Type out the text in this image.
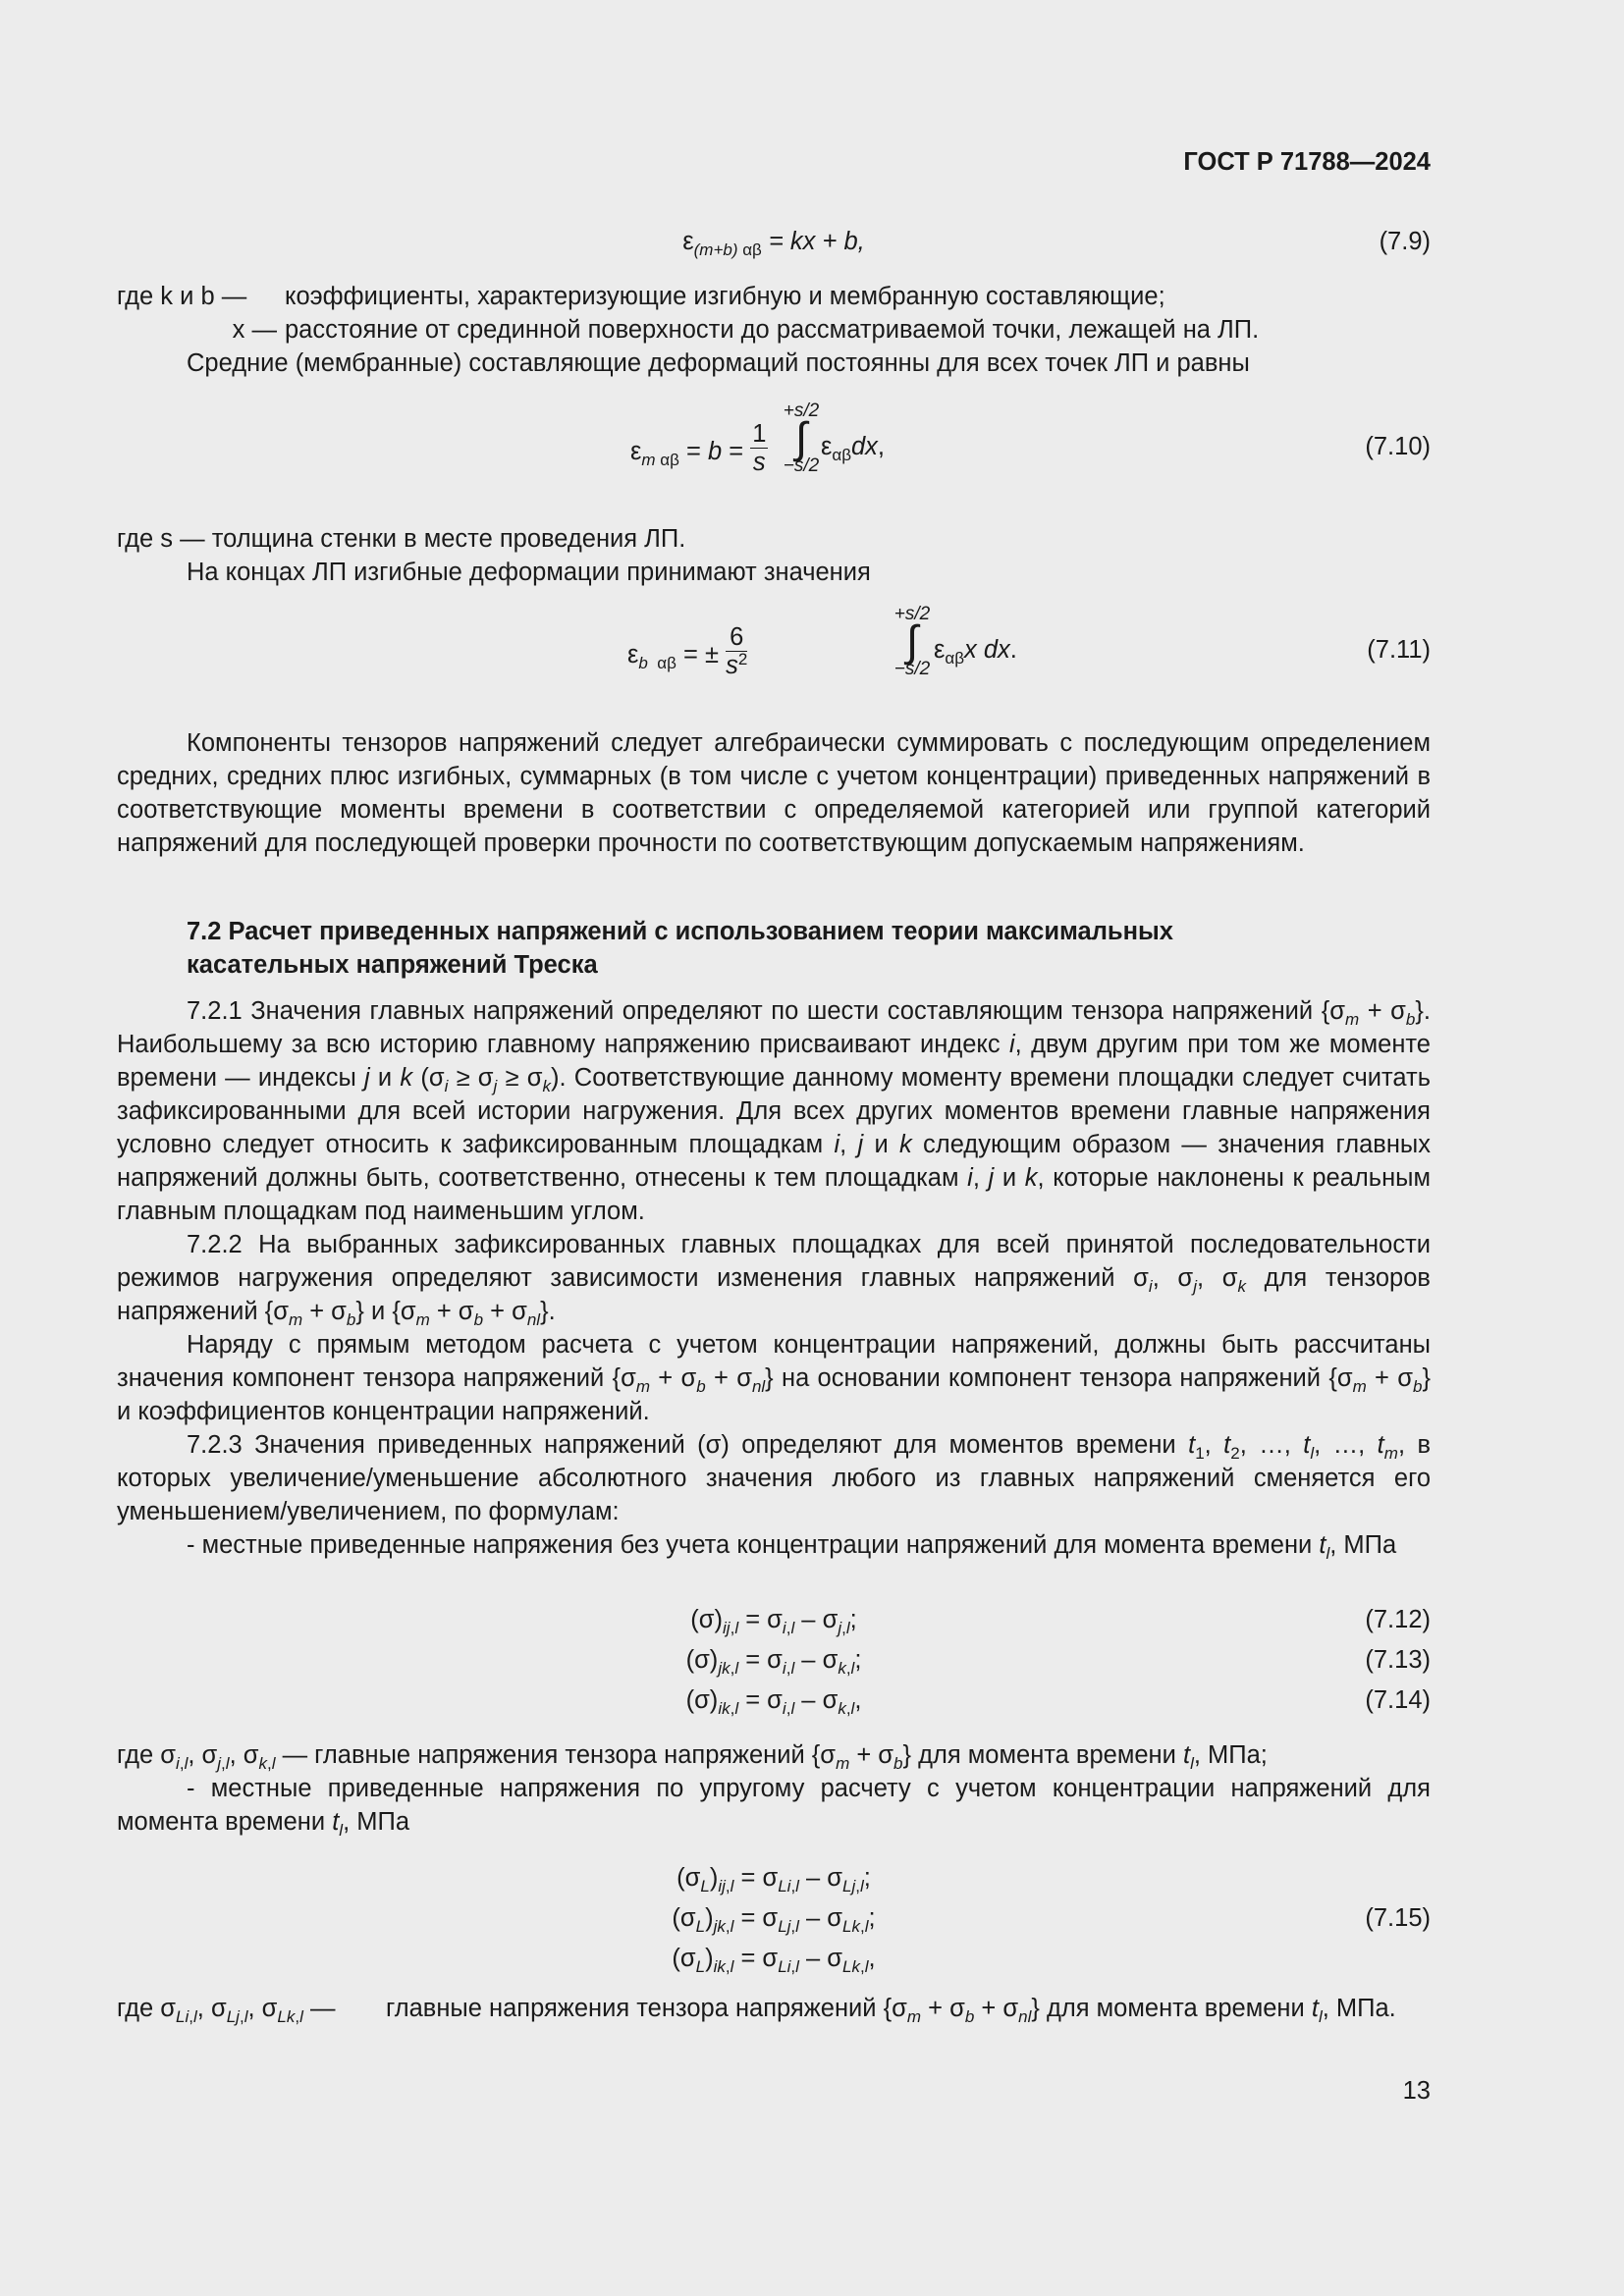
ГОСТ Р 71788—2024
$\varepsilon_{(m+b) \alpha\beta}$ = kx + b,	(7.9)
где k и b —	коэффициенты, характеризующие изгибную и мембранную составляющие;
x — расстояние от срединной поверхности до рассматриваемой точки, лежащей на ЛП.
Средние (мембранные) составляющие деформаций постоянны для всех точек ЛП и равны
$\varepsilon_{m \alpha\beta} = b = \frac{1}{s}$
+s/2
∫
−s/2
$\varepsilon_{\alpha\beta}dx$,	(7.10)
где s — толщина стенки в месте проведения ЛП.
На концах ЛП изгибные деформации принимают значения
$\varepsilon_{b \alpha\beta}$ = ± $\frac{6}{s^2}$
+s/2
∫
−s/2
$\varepsilon_{\alpha\beta}x$ dx.	(7.11)
Компоненты тензоров напряжений следует алгебраически суммировать с последующим определением средних, средних плюс изгибных, суммарных (в том числе с учетом концентрации) приведенных напряжений в соответствующие моменты времени в соответствии с определяемой категорией или группой категорий напряжений для последующей проверки прочности по соответствующим допускаемым напряжениям.
7.2 Расчет приведенных напряжений с использованием теории максимальных
касательных напряжений Треска
7.2.1 Значения главных напряжений определяют по шести составляющим тензора напряжений $\{\sigma_m + \sigma_b\}$. Наибольшему за всю историю главному напряжению присваивают индекс i, двум другим при том же моменте времени — индексы j и k $(\sigma_i \ge \sigma_j \ge \sigma_k)$. Соответствующие данному моменту времени площадки следует считать зафиксированными для всей истории нагружения. Для всех других моментов времени главные напряжения условно следует относить к зафиксированным площадкам i, j и k следующим образом — значения главных напряжений должны быть, соответственно, отнесены к тем площадкам i, j и k, которые наклонены к реальным главным площадкам под наименьшим углом.
7.2.2 На выбранных зафиксированных главных площадках для всей принятой последовательности режимов нагружения определяют зависимости изменения главных напряжений $\sigma_i$, $\sigma_j$, $\sigma_k$ для тензоров напряжений $\{\sigma_m + \sigma_b\}$ и $\{\sigma_m + \sigma_b + \sigma_{nl}\}$.
Наряду с прямым методом расчета с учетом концентрации напряжений, должны быть рассчитаны значения компонент тензора напряжений $\{\sigma_m + \sigma_b + \sigma_{nl}\}$ на основании компонент тензора напряжений $\{\sigma_m + \sigma_b\}$ и коэффициентов концентрации напряжений.
7.2.3 Значения приведенных напряжений (σ) определяют для моментов времени $t_1$, $t_2$, …, $t_l$, …, $t_m$, в которых увеличение/уменьшение абсолютного значения любого из главных напряжений сменяется его уменьшением/увеличением, по формулам:
- местные приведенные напряжения без учета концентрации напряжений для момента времени $t_l$, МПа
$(\sigma)_{ij,l} = \sigma_{i,l} - \sigma_{j,l}$;	(7.12)
$(\sigma)_{jk,l} = \sigma_{i,l} - \sigma_{k,l}$;	(7.13)
$(\sigma)_{ik,l} = \sigma_{i,l} - \sigma_{k,l}$,	(7.14)
где $\sigma_{i,l}$, $\sigma_{j,l}$, $\sigma_{k,l}$ — главные напряжения тензора напряжений $\{\sigma_m + \sigma_b\}$ для момента времени $t_l$, МПа;
- местные приведенные напряжения по упругому расчету с учетом концентрации напряжений для момента времени $t_l$, МПа
$(\sigma_L)_{ij,l} = \sigma_{Li,l} - \sigma_{Lj,l}$;
$(\sigma_L)_{jk,l} = \sigma_{Lj,l} - \sigma_{Lk,l}$;	(7.15)
$(\sigma_L)_{ik,l} = \sigma_{Li,l} - \sigma_{Lk,l}$,
где $\sigma_{Li,l}$, $\sigma_{Lj,l}$, $\sigma_{Lk,l}$ —	главные напряжения тензора напряжений $\{\sigma_m + \sigma_b + \sigma_{nl}\}$ для момента времени $t_l$, МПа.
13
